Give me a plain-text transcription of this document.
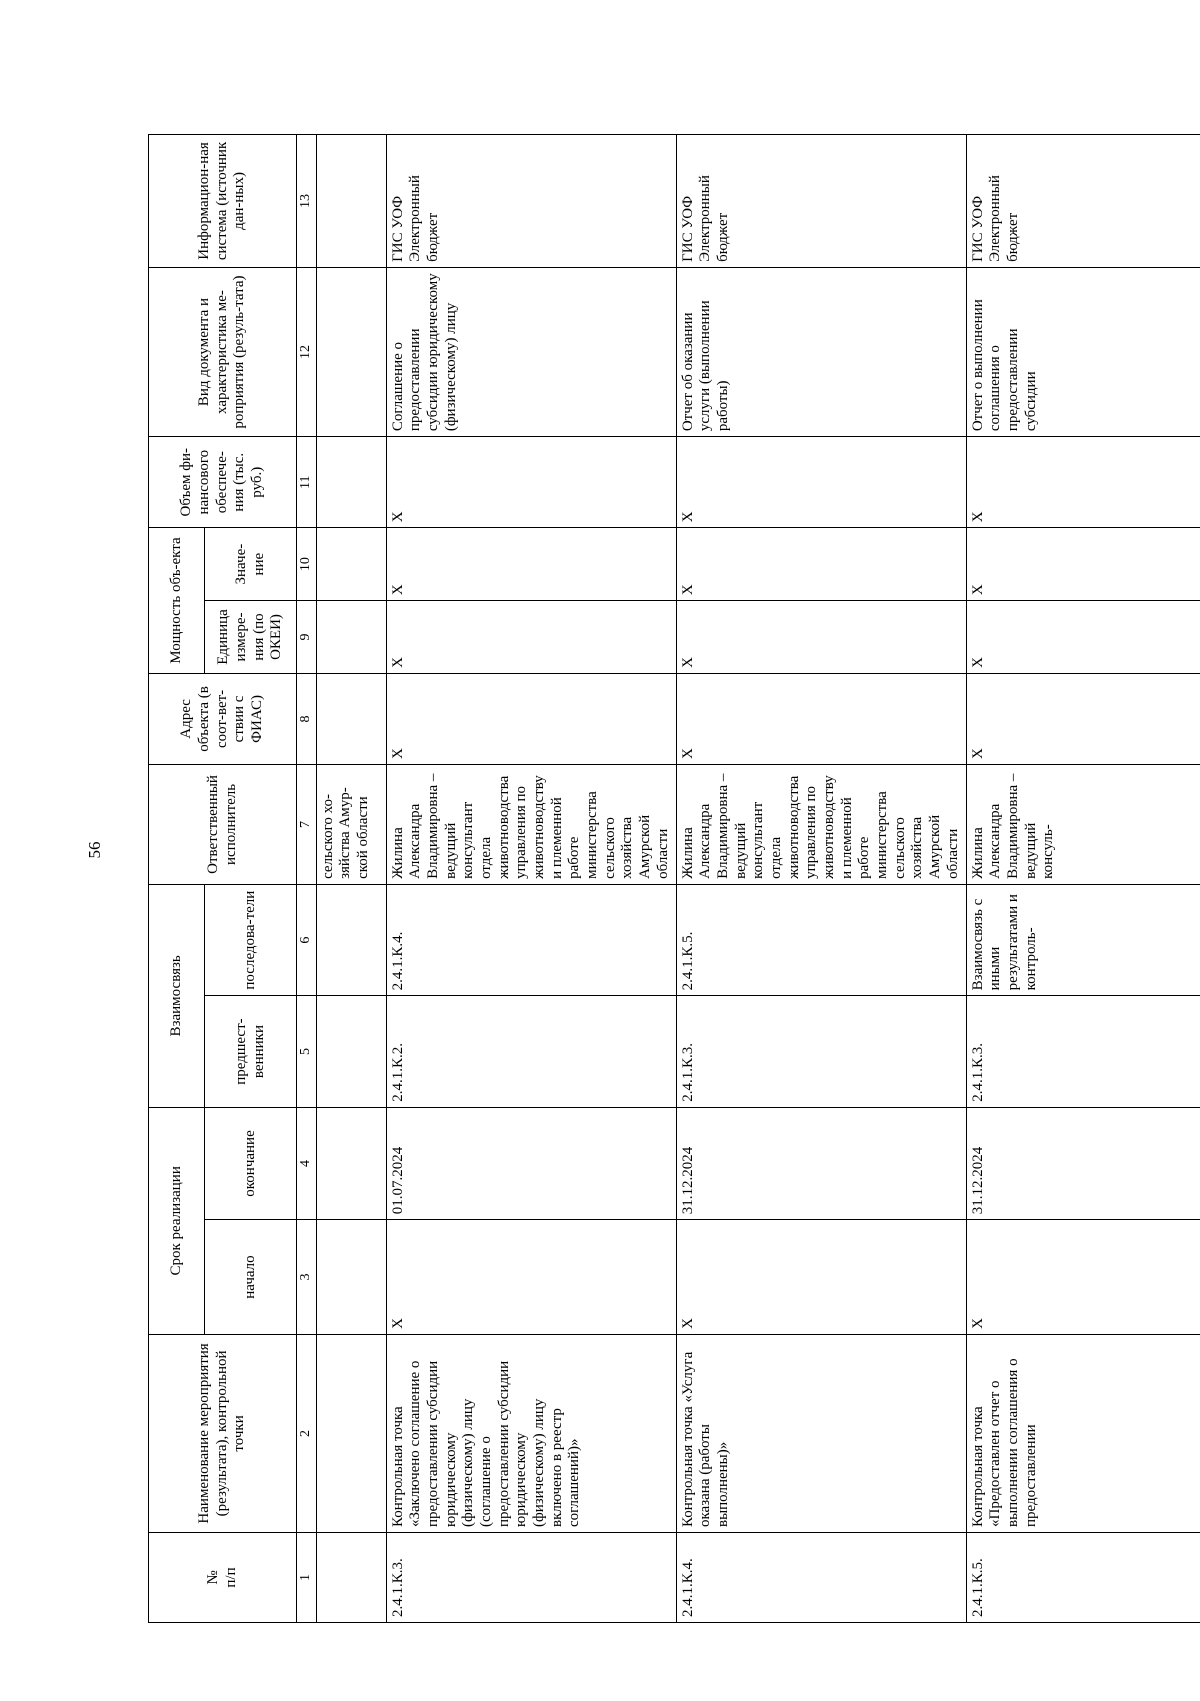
56
№
п/п	Наименование мероприятия (результата), контрольной точки	Срок реализации		Взаимосвязь		Ответственный исполнитель	Адрес объекта (в соот-вет-ствии с ФИАС)	Мощность объ-екта		Объем фи-нансового обеспече-ния (тыс. руб.)	Вид документа и характеристика ме-роприятия (резуль-тата)	Информацион-ная система (источник дан-ных)
		начало	окончание	предшест-венники	последова-тели			Единица измере-ния (по ОКЕИ)	Значе-ние			
1	2	3	4	5	6	7	8	9	10	11	12	13
						сельского хо-зяйства Амур-ской области						
2.4.1.К.3.	Контрольная точка «Заключено соглашение о предоставлении субсидии юридическому (физическому) лицу (соглашение о предоставлении субсидии юридическому (физическому) лицу включено в реестр соглашений)»	X	01.07.2024	2.4.1.К.2.	2.4.1.К.4.	Жилина Александра Владимировна – ведущий консультант отдела животноводства управления по животноводству и племенной работе министерства сельского хозяйства Амурской области	X	X	X	X	Соглашение о предоставлении субсидии юридическому (физическому) лицу	ГИС УОФ Электронный бюджет
2.4.1.К.4.	Контрольная точка «Услуга оказана (работы выполнены)»	X	31.12.2024	2.4.1.К.3.	2.4.1.К.5.	Жилина Александра Владимировна – ведущий консультант отдела животноводства управления по животноводству и племенной работе министерства сельского хозяйства Амурской области	X	X	X	X	Отчет об оказании услуги (выполнении работы)	ГИС УОФ Электронный бюджет
2.4.1.К.5.	Контрольная точка «Предоставлен отчет о выполнении соглашения о предоставлении	X	31.12.2024	2.4.1.К.3.	Взаимосвязь с иными результатами и контроль-	Жилина Александра Владимировна – ведущий консуль-	X	X	X	X	Отчет о выполнении соглашения о предоставлении субсидии	ГИС УОФ Электронный бюджет
